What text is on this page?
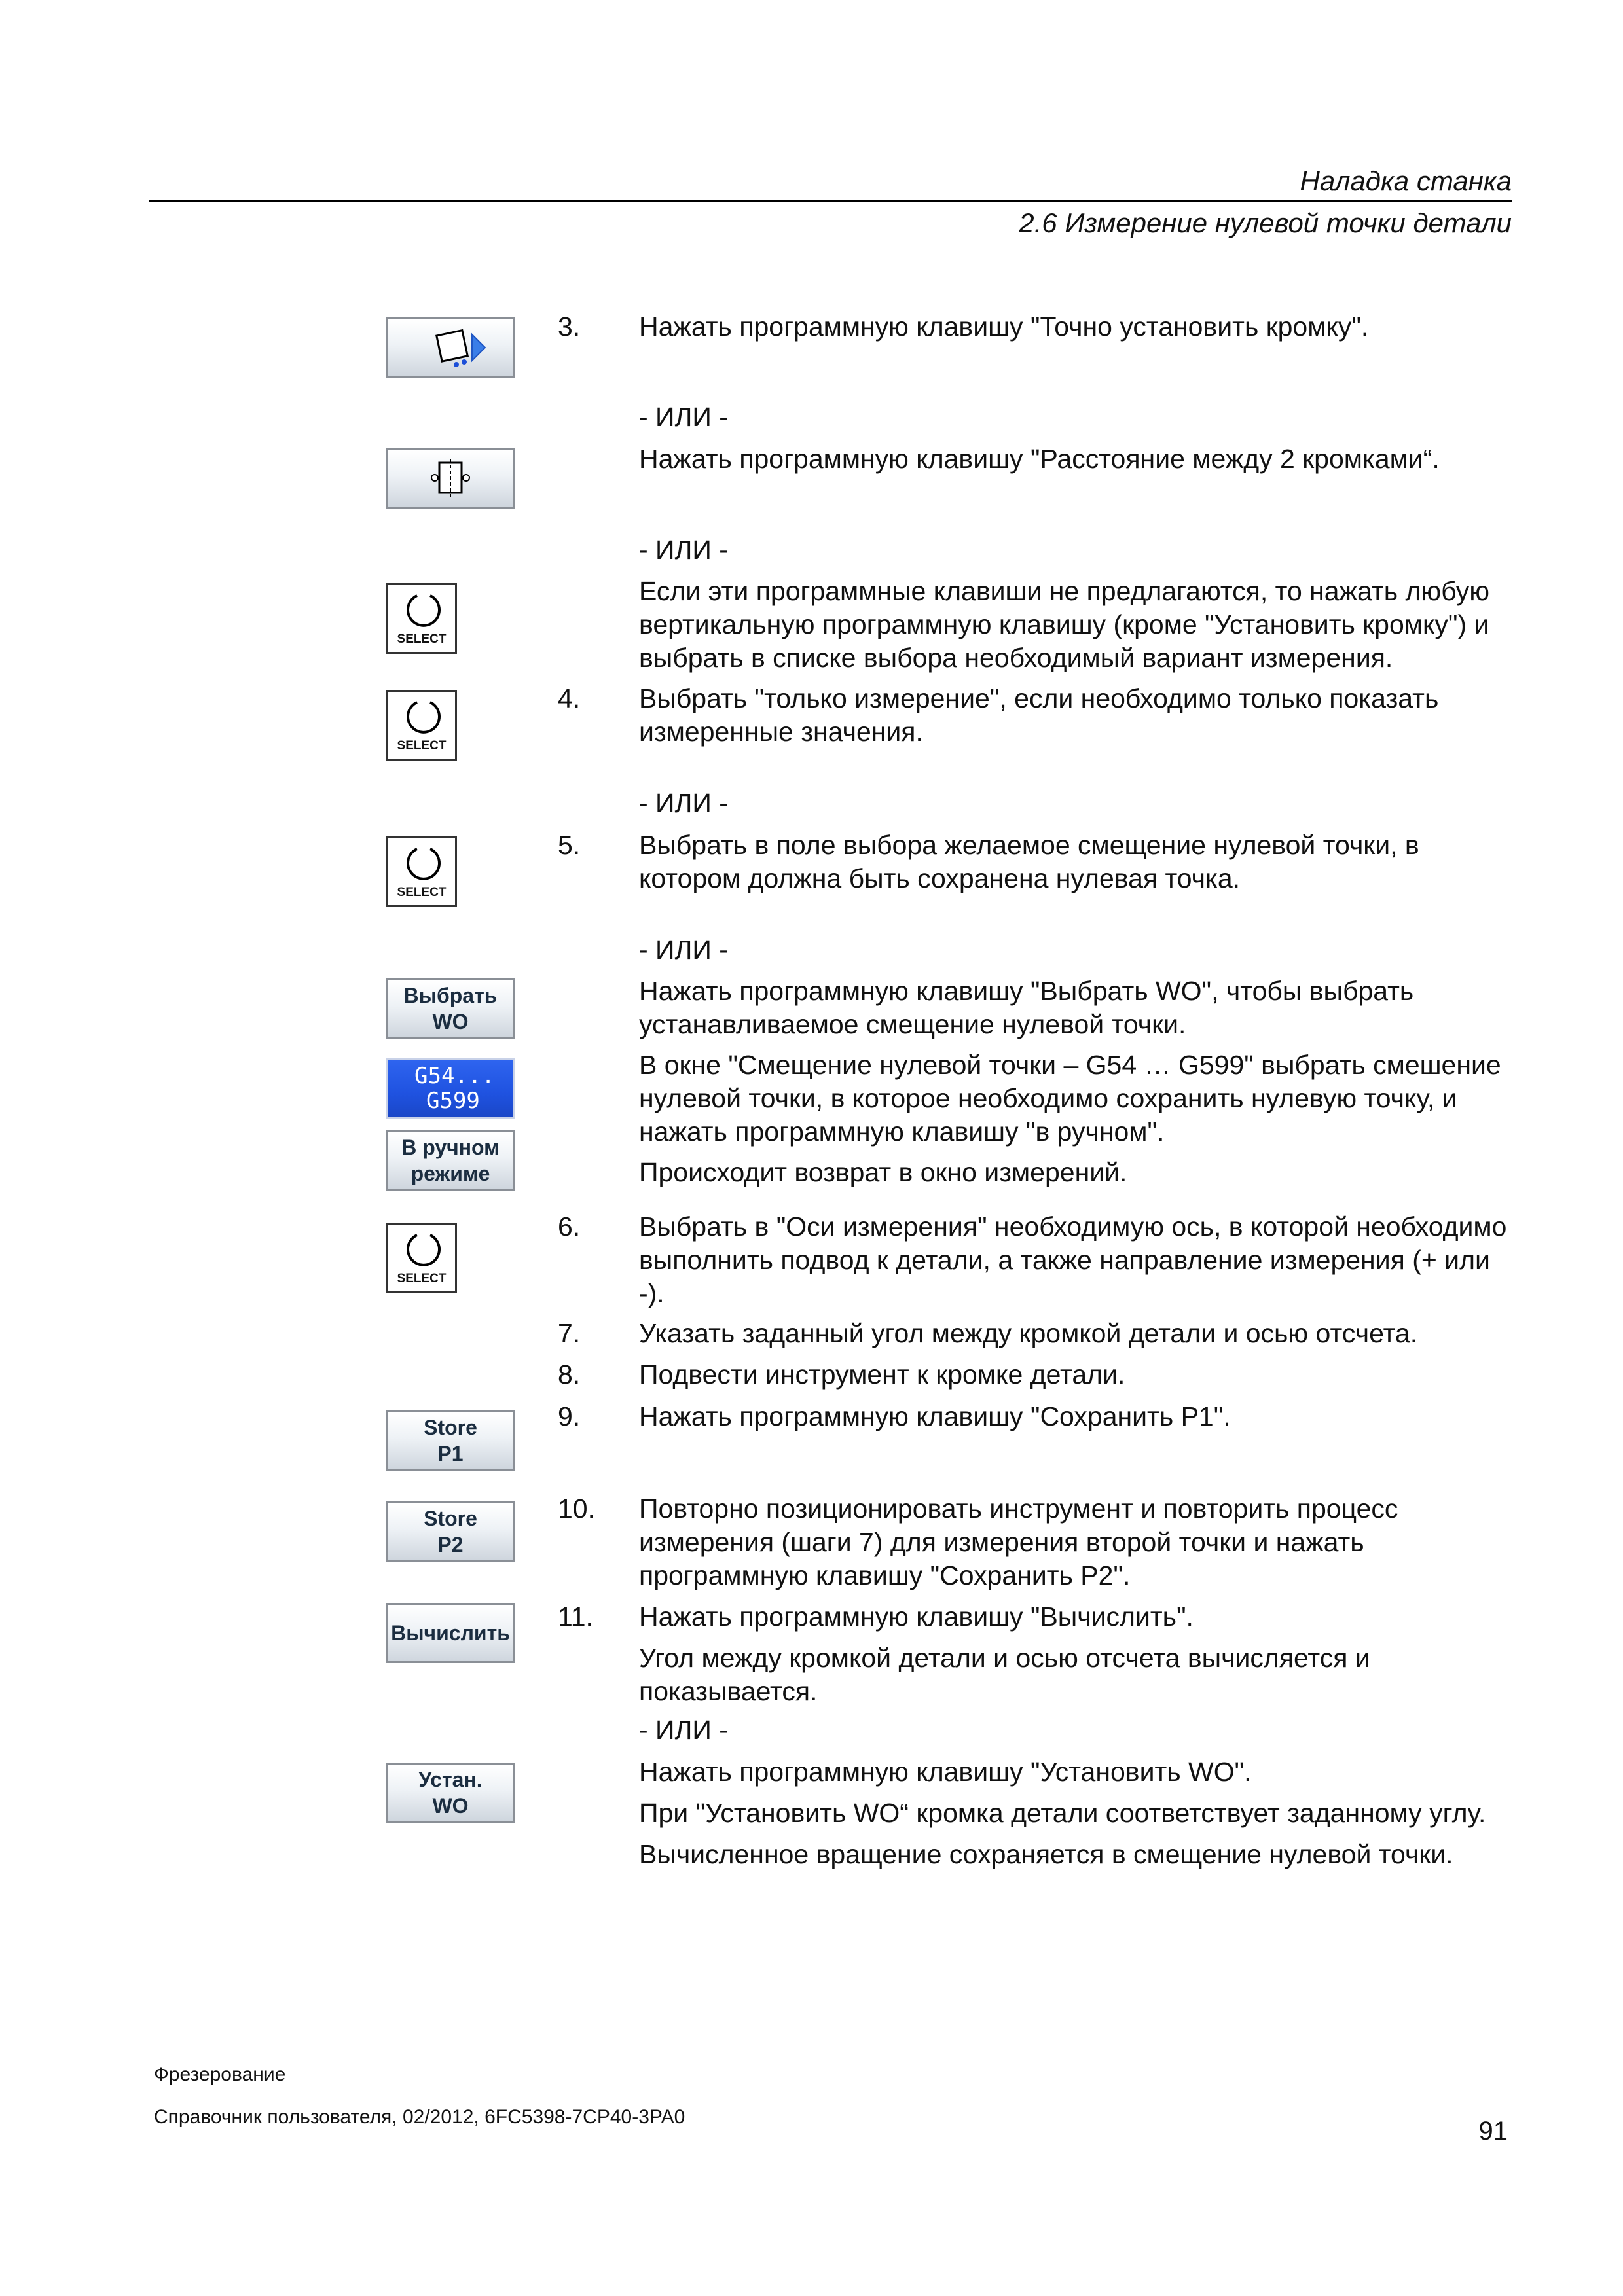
Наладка станка
2.6 Измерение нулевой точки детали
SELECT
SELECT
SELECT
Выбрать
WO
G54...
G599
В ручном
режиме
SELECT
Store
P1
Store
P2
Вычислить
Устан.
WO
3.
4.
5.
6.
7.
8.
9.
10.
11.
Нажать программную клавишу "Точно установить кромку".
- ИЛИ -
Нажать программную клавишу "Расстояние между 2 кромками“.
- ИЛИ -
Если эти программные клавиши не предлагаются, то нажать любую вертикальную программную клавишу (кроме "Установить кромку") и выбрать в списке выбора необходимый вариант измерения.
Выбрать "только измерение", если необходимо только показать измеренные значения.
- ИЛИ -
Выбрать в поле выбора желаемое смещение нулевой точки, в котором должна быть сохранена нулевая точка.
- ИЛИ -
Нажать программную клавишу "Выбрать WO", чтобы выбрать устанавливаемое смещение нулевой точки.
В окне "Смещение нулевой точки – G54 … G599" выбрать смешение нулевой точки, в которое необходимо сохранить нулевую точку, и нажать программную клавишу "в ручном".
Происходит возврат в окно измерений.
Выбрать в "Оси измерения" необходимую ось, в которой необходимо выполнить подвод к детали, а также направление измерения (+ или -).
Указать заданный угол между кромкой детали и осью отсчета.
Подвести инструмент к кромке детали.
Нажать программную клавишу "Сохранить P1".
Повторно позиционировать инструмент и повторить процесс измерения (шаги 7) для измерения второй точки и нажать программную клавишу "Сохранить P2".
Нажать программную клавишу "Вычислить".
Угол между кромкой детали и осью отсчета вычисляется и показывается.
- ИЛИ -
Нажать программную клавишу "Установить WO".
При "Установить WO“ кромка детали соответствует заданному углу.
Вычисленное вращение сохраняется в смещение нулевой точки.
Фрезерование
Справочник пользователя, 02/2012, 6FC5398-7CP40-3PA0	91
